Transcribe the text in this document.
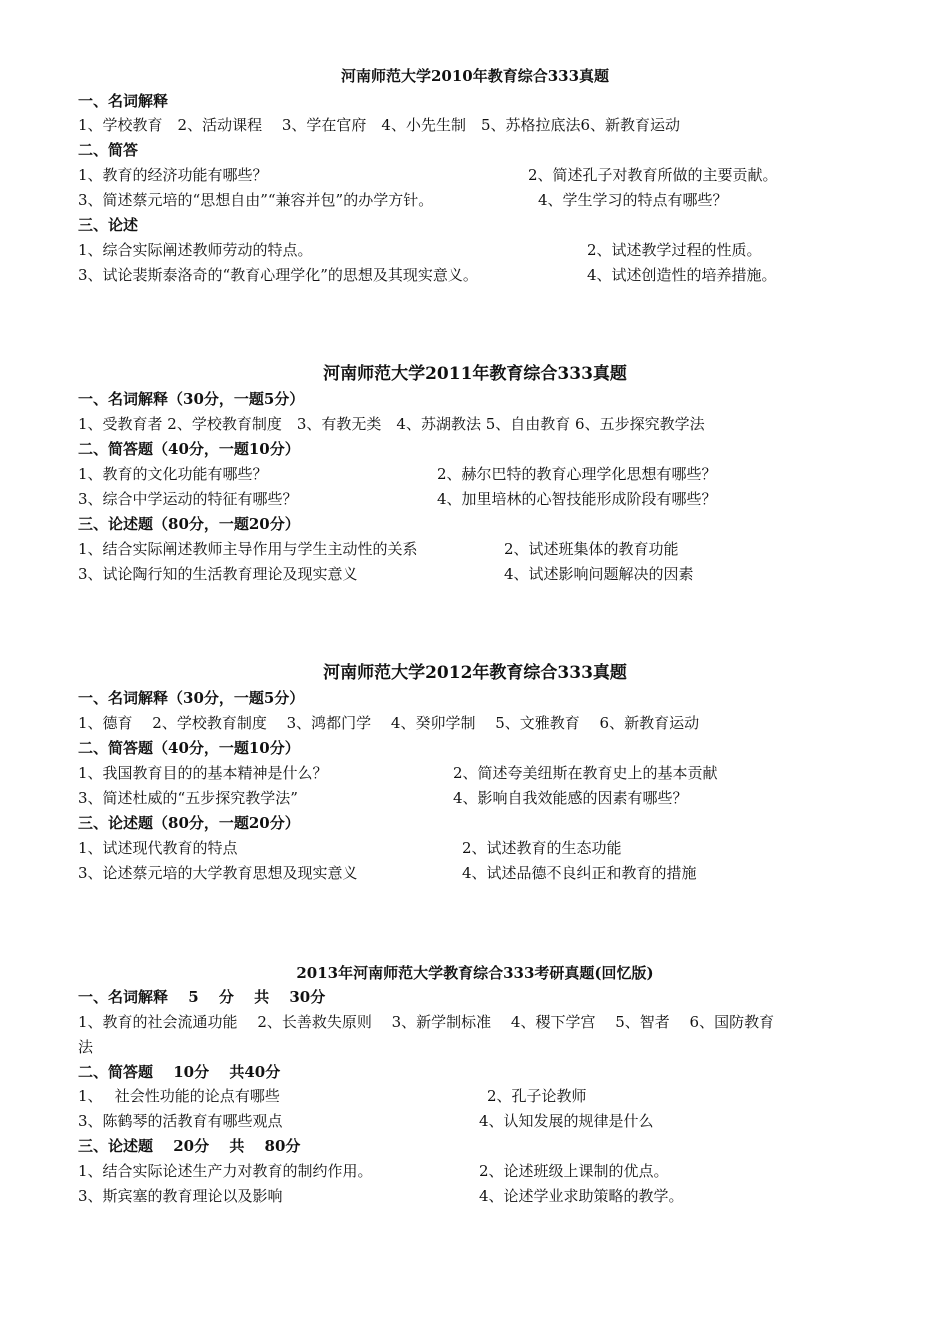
河南师范大学2010年教育综合333真题
一、名词解释
1、学校教育　2、活动课程　 3、学在官府　4、小先生制　5、苏格拉底法6、新教育运动
二、简答
1、教育的经济功能有哪些？	2、简述孔子对教育所做的主要贡献。
3、简述蔡元培的“思想自由”“兼容并包”的办学方针。	4、学生学习的特点有哪些？
三、论述
1、综合实际阐述教师劳动的特点。	2、试述教学过程的性质。
3、试论裴斯泰洛奇的“教育心理学化”的思想及其现实意义。	4、试述创造性的培养措施。
河南师范大学2011年教育综合333真题
一、名词解释（30分，一题5分）
1、受教育者 2、学校教育制度　3、有教无类　4、苏湖教法 5、自由教育 6、五步探究教学法
二、简答题（40分，一题10分）
1、教育的文化功能有哪些？	2、赫尔巴特的教育心理学化思想有哪些？
3、综合中学运动的特征有哪些？	4、加里培林的心智技能形成阶段有哪些？
三、论述题（80分，一题20分）
1、结合实际阐述教师主导作用与学生主动性的关系	2、试述班集体的教育功能
3、试论陶行知的生活教育理论及现实意义	4、试述影响问题解决的因素
河南师范大学2012年教育综合333真题
一、名词解释（30分，一题5分）
1、德育　 2、学校教育制度　 3、鸿都门学　 4、癸卯学制　 5、文雅教育　 6、新教育运动
二、简答题（40分，一题10分）
1、我国教育目的的基本精神是什么？	2、简述夸美纽斯在教育史上的基本贡献
3、简述杜威的“五步探究教学法”	4、影响自我效能感的因素有哪些？
三、论述题（80分，一题20分）
1、试述现代教育的特点	2、试述教育的生态功能
3、论述蔡元培的大学教育思想及现实意义	4、试述品德不良纠正和教育的措施
2013年河南师范大学教育综合333考研真题(回忆版)
一、名词解释　 5　 分　 共　 30分
1、教育的社会流通功能　 2、长善救失原则　 3、新学制标准　 4、稷下学宫　 5、智者　 6、国防教育
法
二、简答题　 10分　 共40分
1、　 社会性功能的论点有哪些	2、孔子论教师
3、陈鹤琴的活教育有哪些观点	4、认知发展的规律是什么
三、论述题　 20分　 共　 80分
1、结合实际论述生产力对教育的制约作用。	2、论述班级上课制的优点。
3、斯宾塞的教育理论以及影响	4、论述学业求助策略的教学。
